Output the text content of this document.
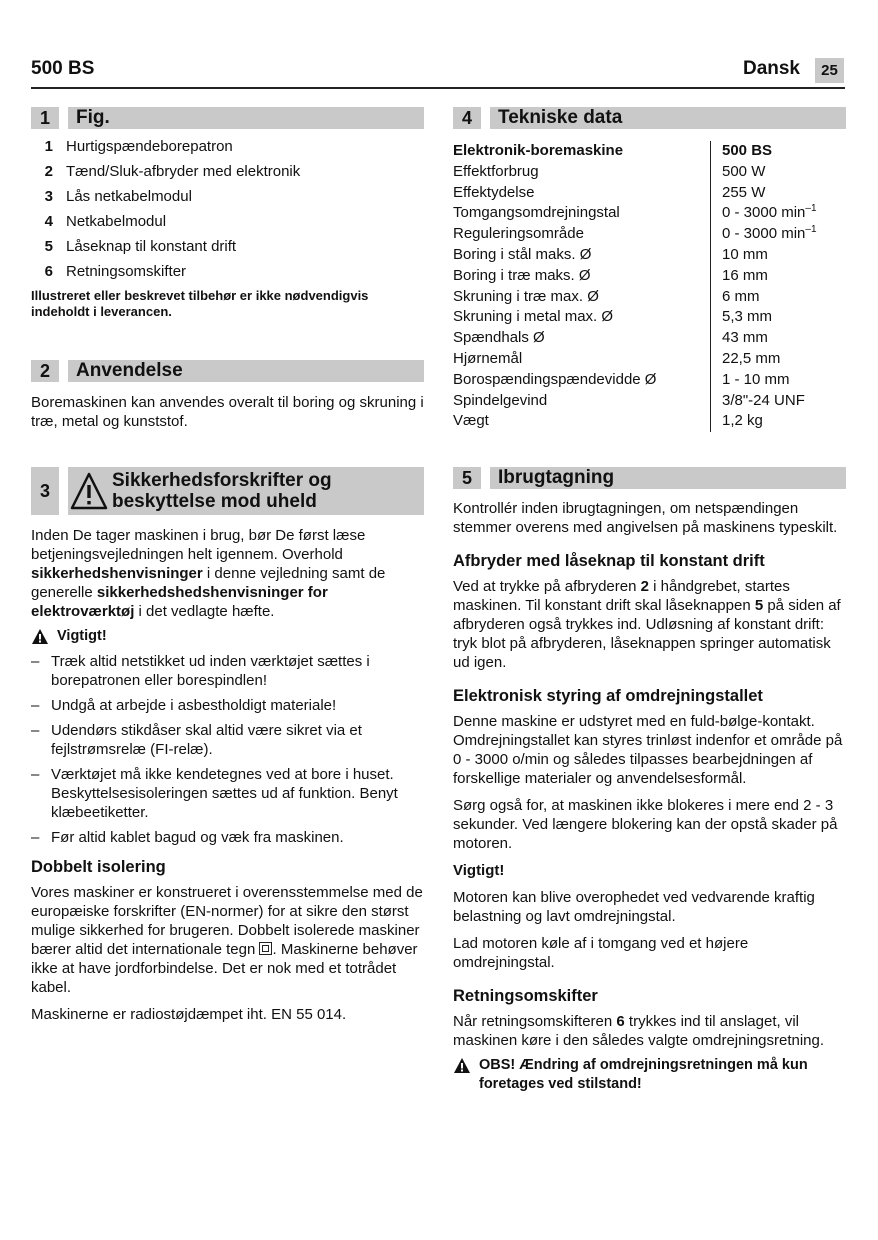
500 BS	Dansk	25
1	Fig.
1 Hurtigspændeborepatron
2 Tænd/Sluk-afbryder med elektronik
3 Lås netkabelmodul
4 Netkabelmodul
5 Låseknap til konstant drift
6 Retningsomskifter

Illustreret eller beskrevet tilbehør er ikke nødvendigvis indeholdt i leverancen.

2	Anvendelse

Boremaskinen kan anvendes overalt til boring og skruning i træ, metal og kunststof.

3	Sikkerhedsforskrifter og
beskyttelse mod uheld

Inden De tager maskinen i brug, bør De først læse betjeningsvejledningen helt igennem. Overhold sikkerhedshenvisninger i denne vejledning samt de generelle sikkerhedshedshenvisninger for elektroværktøj i det vedlagte hæfte.

Vigtigt!
– Træk altid netstikket ud inden værktøjet sættes i borepatronen eller borespindlen!
– Undgå at arbejde i asbestholdigt materiale!
– Udendørs stikdåser skal altid være sikret via et fejlstrømsrelæ (FI-relæ).
– Værktøjet må ikke kendetegnes ved at bore i huset. Beskyttelsesisoleringen sættes ud af funktion. Benyt klæbeetiketter.
– Før altid kablet bagud og væk fra maskinen.
Dobbelt isolering

Vores maskiner er konstrueret i overensstemmelse med de europæiske forskrifter (EN-normer) for at sikre den størst mulige sikkerhed for brugeren. Dobbelt isolerede maskiner bærer altid det internationale tegn . Maskinerne behøver ikke at have jordforbindelse. Det er nok med et totrådet kabel.

Maskinerne er radiostøjdæmpet iht. EN 55 014.

4	Tekniske data
Elektronik-boremaskine	500 BS
Effektforbrug	500 W
Effektydelse	255 W
Tomgangsomdrejningstal	0 - 3000 $\min^{-1}$
Reguleringsområde	0 - 3000 $\min^{-1}$
Boring i stål maks. Ø	10 mm
Boring i træ maks. Ø	16 mm
Skruning i træ max. Ø	6 mm
Skruning i metal max. Ø	5,3 mm
Spændhals Ø	43 mm
Hjørnemål	22,5 mm
Borospændingspændevidde Ø	1 - 10 mm
Spindelgevind	3/8"-24 UNF
Vægt	1,2 kg
5	Ibrugtagning

Kontrollér inden ibrugtagningen, om netspændingen stemmer overens med angivelsen på maskinens typeskilt.

Afbryder med låseknap til konstant drift

Ved at trykke på afbryderen 2 i håndgrebet, startes maskinen. Til konstant drift skal låseknappen 5 på siden af afbryderen også trykkes ind. Udløsning af konstant drift: tryk blot på afbryderen, låseknappen springer automatisk ud igen.

Elektronisk styring af omdrejningstallet

Denne maskine er udstyret med en fuld-bølge-kontakt. Omdrejningstallet kan styres trinløst indenfor et område på 0 - 3000 o/min og således tilpasses bearbejdningen af forskellige materialer og anvendelsesformål.

Sørg også for, at maskinen ikke blokeres i mere end 2 - 3 sekunder. Ved længere blokering kan der opstå skader på motoren.

Vigtigt!

Motoren kan blive overophedet ved vedvarende kraftig belastning og lavt omdrejningstal.

Lad motoren køle af i tomgang ved et højere omdrejningstal.

Retningsomskifter

Når retningsomskifteren 6 trykkes ind til anslaget, vil maskinen køre i den således valgte omdrejningsretning.

OBS! Ændring af omdrejningsretningen må kun foretages ved stilstand!
